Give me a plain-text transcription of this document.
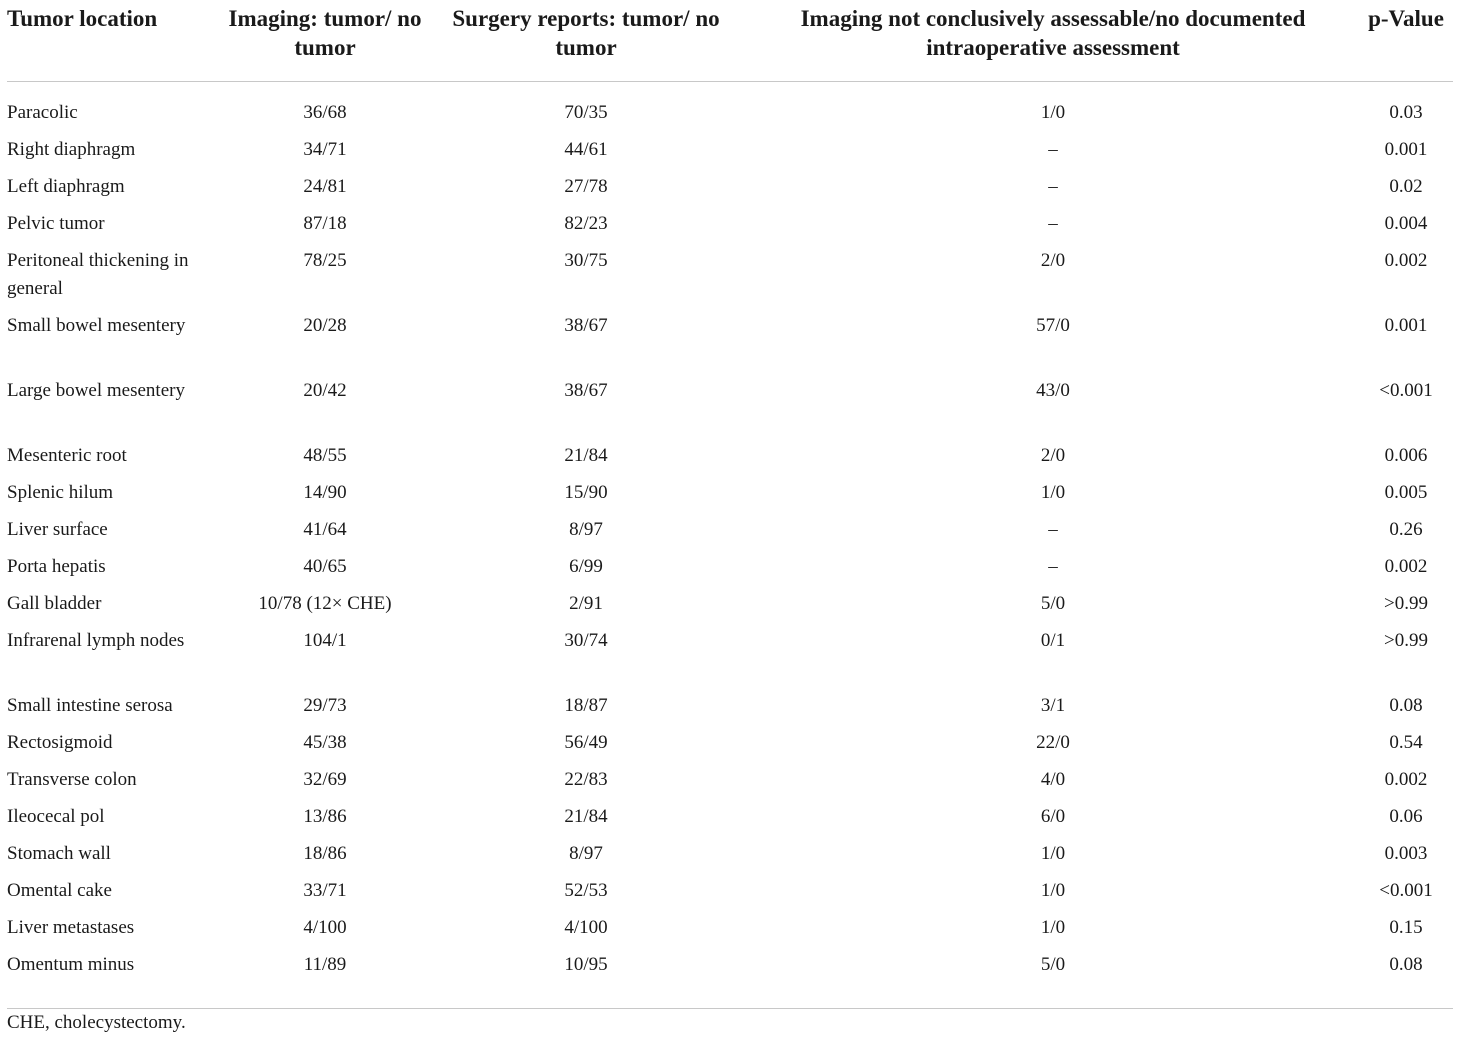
Tumor location	Imaging: tumor/ no tumor	Surgery reports: tumor/ no tumor	Imaging not conclusively assessable/no documented intraoperative assessment	p-Value
Paracolic	36/68	70/35	1/0	0.03
Right diaphragm	34/71	44/61	–	0.001
Left diaphragm	24/81	27/78	–	0.02
Pelvic tumor	87/18	82/23	–	0.004
Peritoneal thickening in general	78/25	30/75	2/0	0.002
Small bowel mesentery	20/28	38/67	57/0	0.001
Large bowel mesentery	20/42	38/67	43/0	<0.001
Mesenteric root	48/55	21/84	2/0	0.006
Splenic hilum	14/90	15/90	1/0	0.005
Liver surface	41/64	8/97	–	0.26
Porta hepatis	40/65	6/99	–	0.002
Gall bladder	10/78 (12× CHE)	2/91	5/0	>0.99
Infrarenal lymph nodes	104/1	30/74	0/1	>0.99
Small intestine serosa	29/73	18/87	3/1	0.08
Rectosigmoid	45/38	56/49	22/0	0.54
Transverse colon	32/69	22/83	4/0	0.002
Ileocecal pol	13/86	21/84	6/0	0.06
Stomach wall	18/86	8/97	1/0	0.003
Omental cake	33/71	52/53	1/0	<0.001
Liver metastases	4/100	4/100	1/0	0.15
Omentum minus	11/89	10/95	5/0	0.08
CHE, cholecystectomy.
